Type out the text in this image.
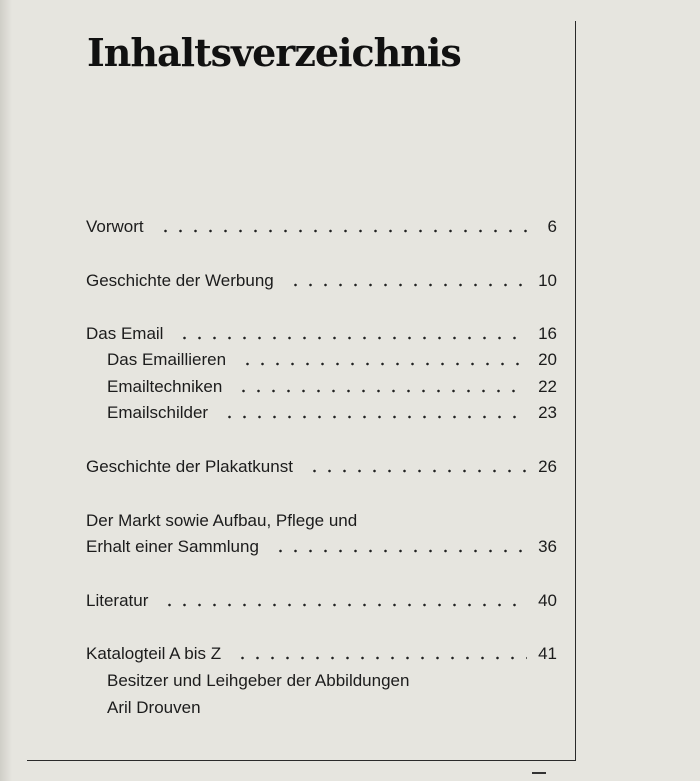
Inhaltsverzeichnis
Vorwort	6
Geschichte der Werbung	10
Das Email	16
Das Emaillieren	20
Emailtechniken	22
Emailschilder	23
Geschichte der Plakatkunst	26
Der Markt sowie Aufbau, Pflege und
Erhalt einer Sammlung	36
Literatur	40
Katalogteil A bis Z	41
Besitzer und Leihgeber der Abbildungen
Aril Drouven
